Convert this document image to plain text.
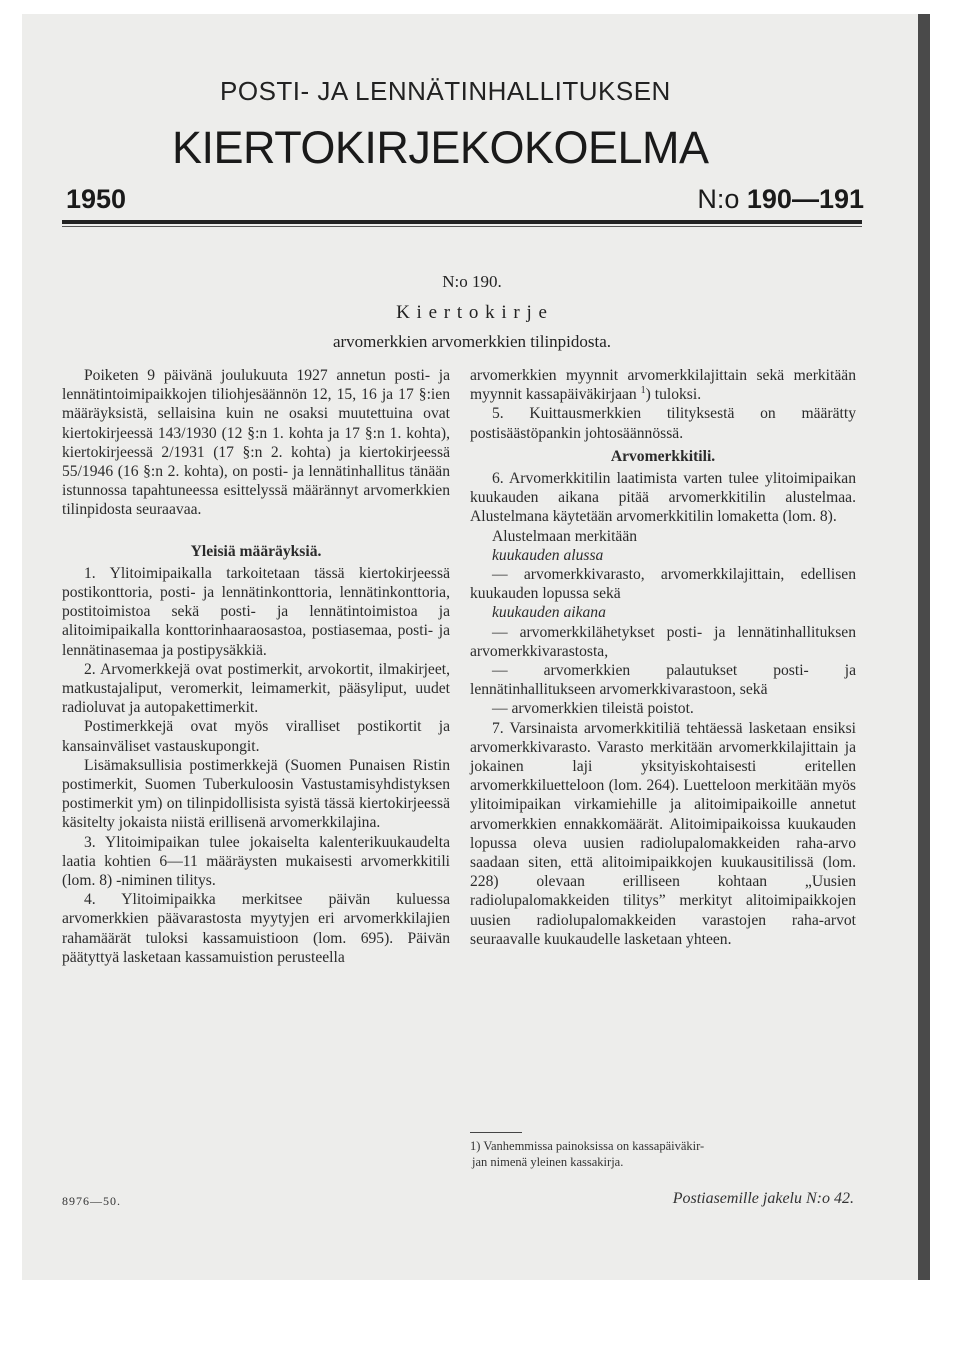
POSTI- JA LENNÄTINHALLITUKSEN
KIERTOKIRJEKOKOELMA
1950	N:o 190—191
N:o 190.
K i e r t o k i r j e
arvomerkkien arvomerkkien tilinpidosta.

Poiketen 9 päivänä joulukuuta 1927 annetun posti- ja lennätintoimipaikkojen tiliohjesäännön 12, 15, 16 ja 17 §:ien määräyksistä, sellaisina kuin ne osaksi muutettuina ovat kiertokirjeessä 143/1930 (12 §:n 1. kohta ja 17 §:n 1. kohta), kiertokirjeessä 2/1931 (17 §:n 2. kohta) ja kiertokirjeessä 55/1946 (16 §:n 2. kohta), on posti- ja lennätinhallitus tänään istunnossa tapahtuneessa esittelyssä määrännyt arvomerkkien tilinpidosta seuraavaa.

Yleisiä määräyksiä.

1. Ylitoimipaikalla tarkoitetaan tässä kiertokirjeessä postikonttoria, posti- ja lennätinkonttoria, lennätinkonttoria, postitoimistoa sekä posti- ja lennätintoimistoa ja alitoimipaikalla konttorinhaaraosastoa, postiasemaa, posti- ja lennätinasemaa ja postipysäkkiä.

2. Arvomerkkejä ovat postimerkit, arvokortit, ilmakirjeet, matkustajaliput, veromerkit, leimamerkit, pääsyliput, uudet radioluvat ja autopakettimerkit.

Postimerkkejä ovat myös viralliset postikortit ja kansainväliset vastauskupongit.

Lisämaksullisia postimerkkejä (Suomen Punaisen Ristin postimerkit, Suomen Tuberkuloosin Vastustamisyhdistyksen postimerkit ym) on tilinpidollisista syistä tässä kiertokirjeessä käsitelty jokaista niistä erillisenä arvomerkkilajina.

3. Ylitoimipaikan tulee jokaiselta kalenterikuukaudelta laatia kohtien 6—11 määräysten mukaisesti arvomerkkitili (lom. 8) -niminen tilitys.

4. Ylitoimipaikka merkitsee päivän kuluessa arvomerkkien päävarastosta myytyjen eri arvomerkkilajien rahamäärät tuloksi kassamuistioon (lom. 695). Päivän päätyttyä lasketaan kassamuistion perusteella

arvomerkkien myynnit arvomerkkilajittain sekä merkitään myynnit kassapäiväkirjaan $^1$) tuloksi.

5. Kuittausmerkkien tilityksestä on määrätty postisäästöpankin johtosäännössä.

Arvomerkkitili.

6. Arvomerkkitilin laatimista varten tulee ylitoimipaikan kuukauden aikana pitää arvomerkkitilin alustelmaa. Alustelmana käytetään arvomerkkitilin lomaketta (lom. 8).

Alustelmaan merkitään

kuukauden alussa

— arvomerkkivarasto, arvomerkkilajittain, edellisen kuukauden lopussa sekä

kuukauden aikana

— arvomerkkilähetykset posti- ja lennätinhallituksen arvomerkkivarastosta,

— arvomerkkien palautukset posti- ja lennätinhallitukseen arvomerkkivarastoon, sekä

— arvomerkkien tileistä poistot.

7. Varsinaista arvomerkkitiliä tehtäessä lasketaan ensiksi arvomerkkivarasto. Varasto merkitään arvomerkkilajittain ja jokainen laji yksityiskohtaisesti eritellen arvomerkkiluetteloon (lom. 264). Luetteloon merkitään myös ylitoimipaikan virkamiehille ja alitoimipaikoille annetut arvomerkkien ennakkomäärät. Alitoimipaikoissa kuukauden lopussa oleva uusien radiolupalomakkeiden raha-arvo saadaan siten, että alitoimipaikkojen kuukausitilissä (lom. 228) olevaan erilliseen kohtaan „Uusien radiolupalomakkeiden tilitys” merkityt alitoimipaikkojen uusien radiolupalomakkeiden varastojen raha-arvot seuraavalle kuukaudelle lasketaan yhteen.

1) Vanhemmissa painoksissa on kassapäiväkir-

jan nimenä yleinen kassakirja.

8976—50.	Postiasemille jakelu N:o 42.
